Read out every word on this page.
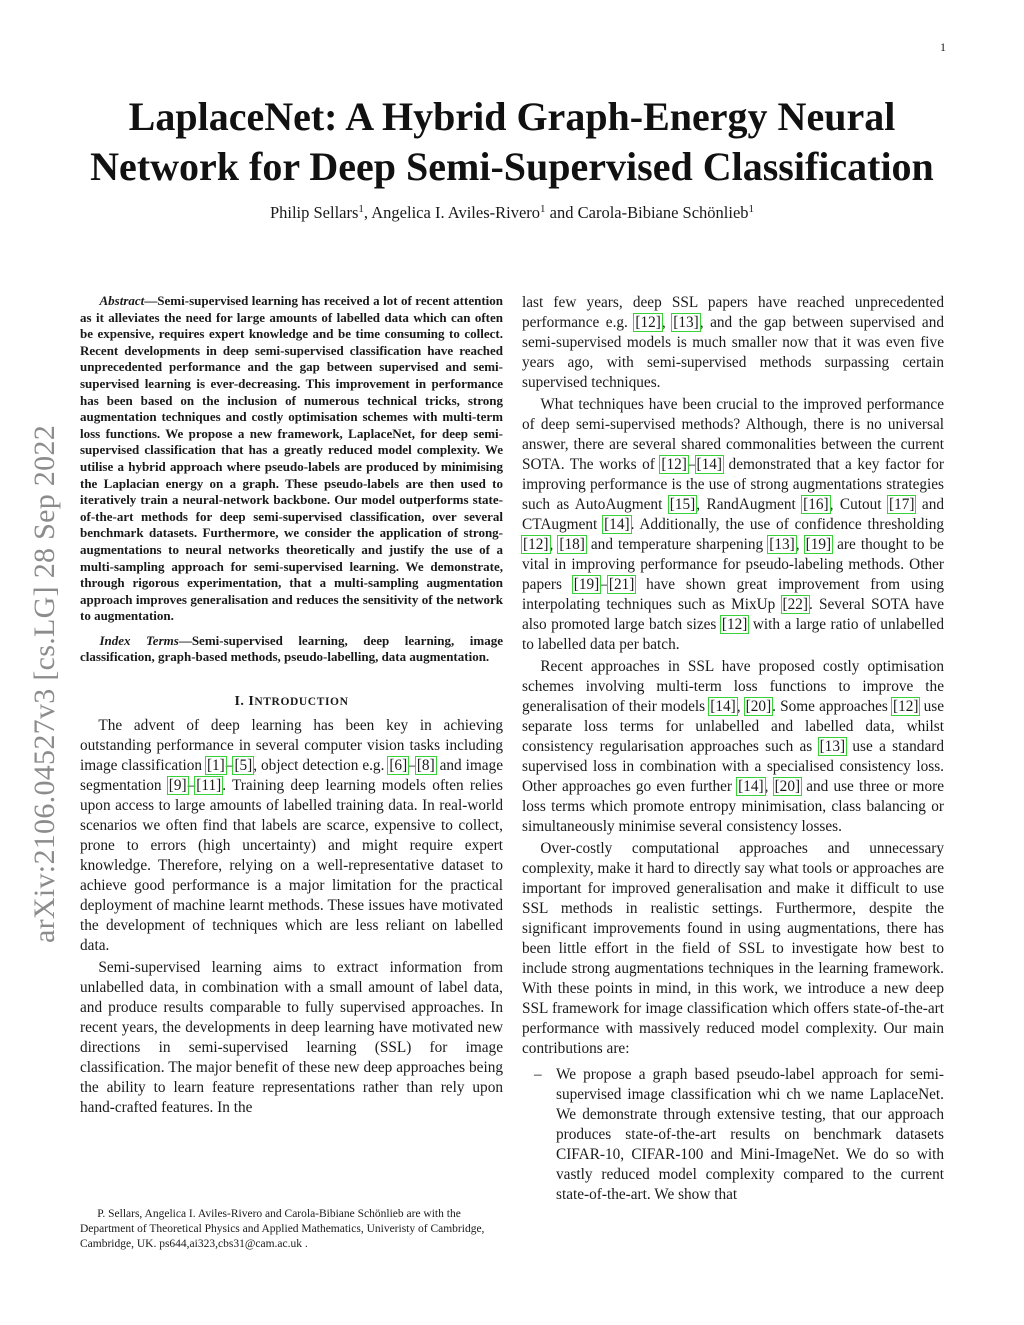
1
arXiv:2106.04527v3 [cs.LG] 28 Sep 2022
LaplaceNet: A Hybrid Graph-Energy Neural
Network for Deep Semi-Supervised Classification
Philip Sellars$^1$, Angelica I. Aviles-Rivero$^1$ and Carola-Bibiane Schönlieb$^1$

Abstract—Semi-supervised learning has received a lot of recent attention as it alleviates the need for large amounts of labelled data which can often be expensive, requires expert knowledge and be time consuming to collect. Recent developments in deep semi-supervised classification have reached unprecedented performance and the gap between supervised and semi-supervised learning is ever-decreasing. This improvement in performance has been based on the inclusion of numerous technical tricks, strong augmentation techniques and costly optimisation schemes with multi-term loss functions. We propose a new framework, LaplaceNet, for deep semi-supervised classification that has a greatly reduced model complexity. We utilise a hybrid approach where pseudo-labels are produced by minimising the Laplacian energy on a graph. These pseudo-labels are then used to iteratively train a neural-network backbone. Our model outperforms state-of-the-art methods for deep semi-supervised classification, over several benchmark datasets. Furthermore, we consider the application of strong-augmentations to neural networks theoretically and justify the use of a multi-sampling approach for semi-supervised learning. We demonstrate, through rigorous experimentation, that a multi-sampling augmentation approach improves generalisation and reduces the sensitivity of the network to augmentation.

Index Terms—Semi-supervised learning, deep learning, image classification, graph-based methods, pseudo-labelling, data augmentation.

I. INTRODUCTION

The advent of deep learning has been key in achieving outstanding performance in several computer vision tasks including image classification [1]–[5], object detection e.g. [6]–[8] and image segmentation [9]–[11]. Training deep learning models often relies upon access to large amounts of labelled training data. In real-world scenarios we often find that labels are scarce, expensive to collect, prone to errors (high uncertainty) and might require expert knowledge. Therefore, relying on a well-representative dataset to achieve good performance is a major limitation for the practical deployment of machine learnt methods. These issues have motivated the development of techniques which are less reliant on labelled data.

Semi-supervised learning aims to extract information from unlabelled data, in combination with a small amount of label data, and produce results comparable to fully supervised approaches. In recent years, the developments in deep learning have motivated new directions in semi-supervised learning (SSL) for image classification. The major benefit of these new deep approaches being the ability to learn feature representations rather than rely upon hand-crafted features. In the

P. Sellars, Angelica I. Aviles-Rivero and Carola-Bibiane Schönlieb are with the Department of Theoretical Physics and Applied Mathematics, Univeristy of Cambridge, Cambridge, UK. ps644,ai323,cbs31@cam.ac.uk .

last few years, deep SSL papers have reached unprecedented performance e.g. [12], [13], and the gap between supervised and semi-supervised models is much smaller now that it was even five years ago, with semi-supervised methods surpassing certain supervised techniques.

What techniques have been crucial to the improved performance of deep semi-supervised methods? Although, there is no universal answer, there are several shared commonalities between the current SOTA. The works of [12]–[14] demonstrated that a key factor for improving performance is the use of strong augmentations strategies such as AutoAugment [15], RandAugment [16], Cutout [17] and CTAugment [14]. Additionally, the use of confidence thresholding [12], [18] and temperature sharpening [13], [19] are thought to be vital in improving performance for pseudo-labeling methods. Other papers [19]–[21] have shown great improvement from using interpolating techniques such as MixUp [22]. Several SOTA have also promoted large batch sizes [12] with a large ratio of unlabelled to labelled data per batch.

Recent approaches in SSL have proposed costly optimisation schemes involving multi-term loss functions to improve the generalisation of their models [14], [20]. Some approaches [12] use separate loss terms for unlabelled and labelled data, whilst consistency regularisation approaches such as [13] use a standard supervised loss in combination with a specialised consistency loss. Other approaches go even further [14], [20] and use three or more loss terms which promote entropy minimisation, class balancing or simultaneously minimise several consistency losses.

Over-costly computational approaches and unnecessary complexity, make it hard to directly say what tools or approaches are important for improved generalisation and make it difficult to use SSL methods in realistic settings. Furthermore, despite the significant improvements found in using augmentations, there has been little effort in the field of SSL to investigate how best to include strong augmentations techniques in the learning framework. With these points in mind, in this work, we introduce a new deep SSL framework for image classification which offers state-of-the-art performance with massively reduced model complexity. Our main contributions are:

– We propose a graph based pseudo-label approach for semi-supervised image classification whi ch we name LaplaceNet. We demonstrate through extensive testing, that our approach produces state-of-the-art results on benchmark datasets CIFAR-10, CIFAR-100 and Mini-ImageNet. We do so with vastly reduced model complexity compared to the current state-of-the-art. We show that
